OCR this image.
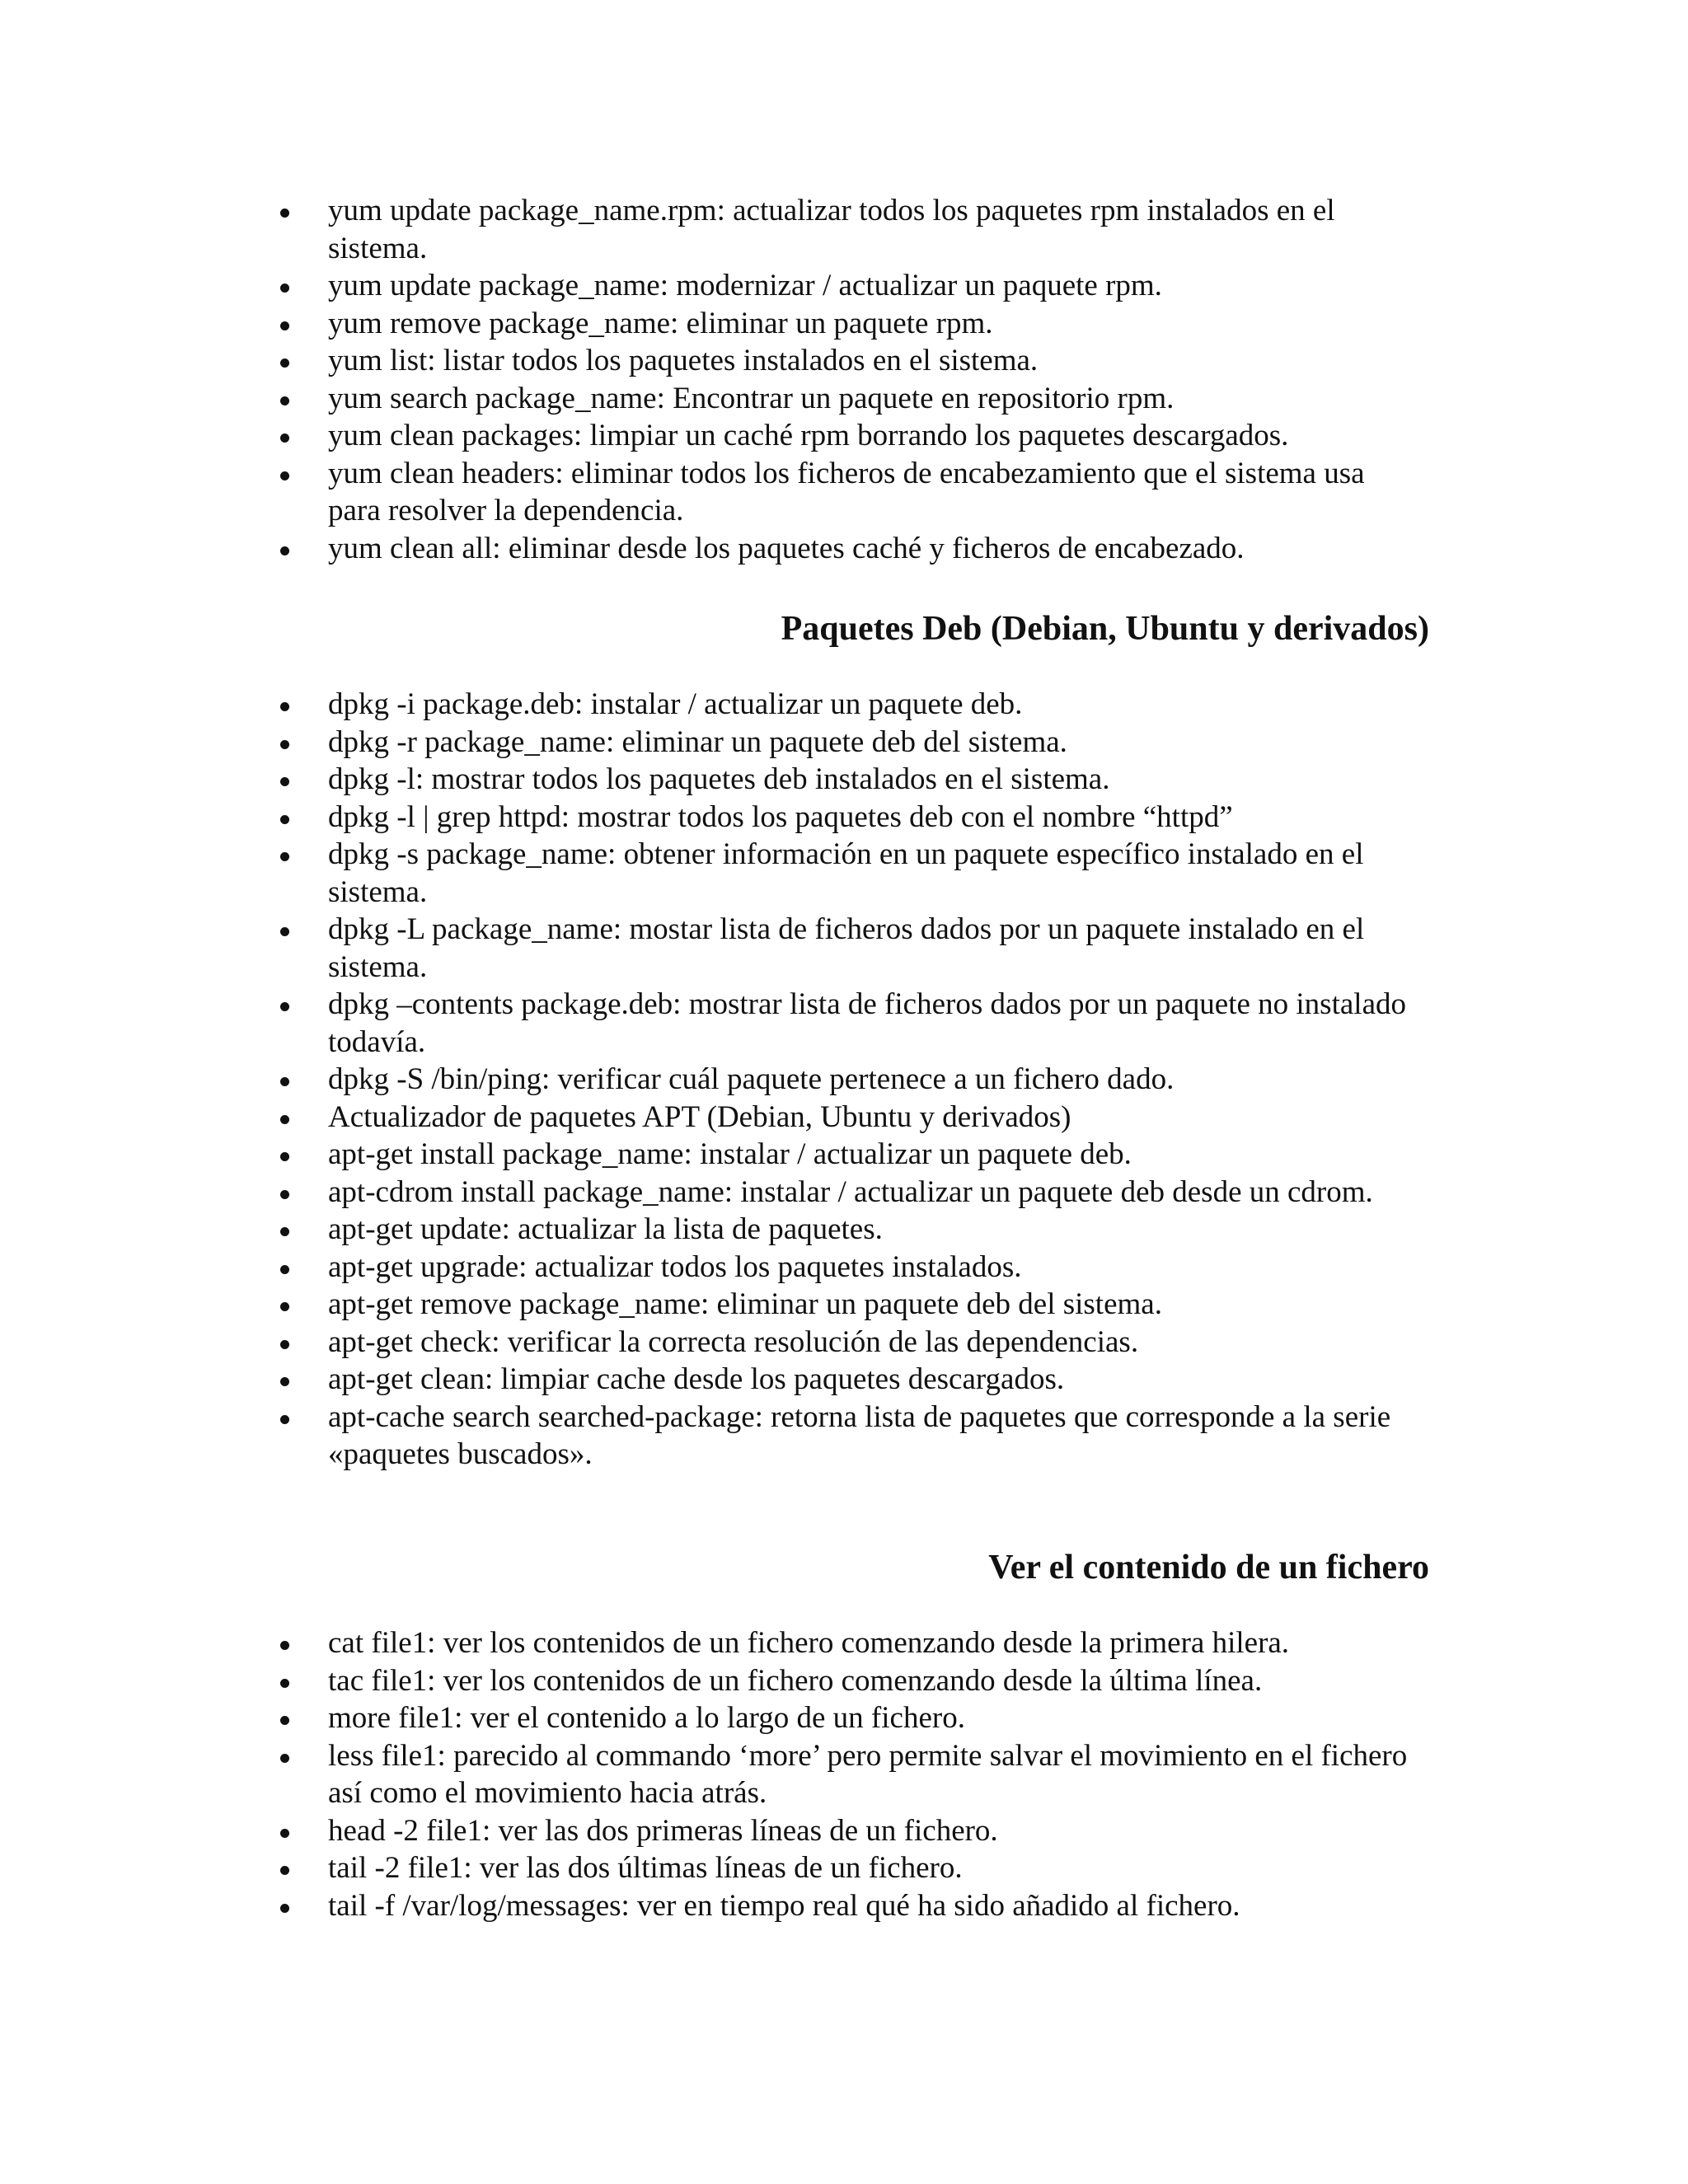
yum update package_name.rpm: actualizar todos los paquetes rpm instalados en el sistema.
yum update package_name: modernizar / actualizar un paquete rpm.
yum remove package_name: eliminar un paquete rpm.
yum list: listar todos los paquetes instalados en el sistema.
yum search package_name: Encontrar un paquete en repositorio rpm.
yum clean packages: limpiar un caché rpm borrando los paquetes descargados.
yum clean headers: eliminar todos los ficheros de encabezamiento que el sistema usa para resolver la dependencia.
yum clean all: eliminar desde los paquetes caché y ficheros de encabezado.
Paquetes Deb (Debian, Ubuntu y derivados)
dpkg -i package.deb: instalar / actualizar un paquete deb.
dpkg -r package_name: eliminar un paquete deb del sistema.
dpkg -l: mostrar todos los paquetes deb instalados en el sistema.
dpkg -l | grep httpd: mostrar todos los paquetes deb con el nombre “httpd”
dpkg -s package_name: obtener información en un paquete específico instalado en el sistema.
dpkg -L package_name: mostar lista de ficheros dados por un paquete instalado en el sistema.
dpkg –contents package.deb: mostrar lista de ficheros dados por un paquete no instalado todavía.
dpkg -S /bin/ping: verificar cuál paquete pertenece a un fichero dado.
Actualizador de paquetes APT (Debian, Ubuntu y derivados)
apt-get install package_name: instalar / actualizar un paquete deb.
apt-cdrom install package_name: instalar / actualizar un paquete deb desde un cdrom.
apt-get update: actualizar la lista de paquetes.
apt-get upgrade: actualizar todos los paquetes instalados.
apt-get remove package_name: eliminar un paquete deb del sistema.
apt-get check: verificar la correcta resolución de las dependencias.
apt-get clean: limpiar cache desde los paquetes descargados.
apt-cache search searched-package: retorna lista de paquetes que corresponde a la serie «paquetes buscados».
Ver el contenido de un fichero
cat file1: ver los contenidos de un fichero comenzando desde la primera hilera.
tac file1: ver los contenidos de un fichero comenzando desde la última línea.
more file1: ver el contenido a lo largo de un fichero.
less file1: parecido al commando ‘more’ pero permite salvar el movimiento en el fichero así como el movimiento hacia atrás.
head -2 file1: ver las dos primeras líneas de un fichero.
tail -2 file1: ver las dos últimas líneas de un fichero.
tail -f /var/log/messages: ver en tiempo real qué ha sido añadido al fichero.
